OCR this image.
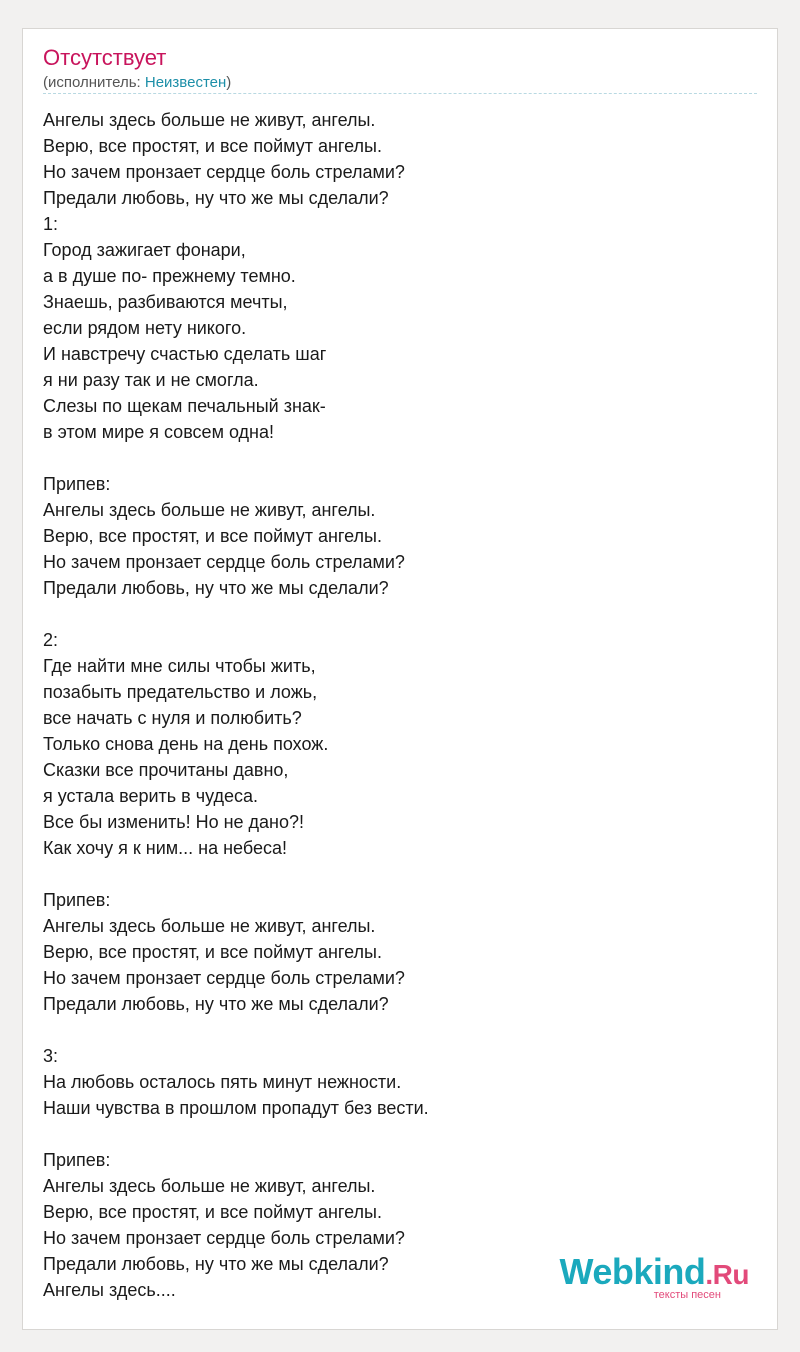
Отсутствует
(исполнитель: Неизвестен)
Ангелы здесь больше не живут, ангелы.
Верю, все простят, и все поймут ангелы.
Но зачем пронзает сердце боль стрелами?
Предали любовь, ну что же мы сделали?
1:
Город зажигает фонари,
а в душе по- прежнему темно.
Знаешь, разбиваются мечты,
если рядом нету никого.
И навстречу счастью сделать шаг
я ни разу так и не смогла.
Слезы по щекам печальный знак-
в этом мире я совсем одна!
Припев:
Ангелы здесь больше не живут, ангелы.
Верю, все простят, и все поймут ангелы.
Но зачем пронзает сердце боль стрелами?
Предали любовь, ну что же мы сделали?
2:
Где найти мне силы чтобы жить,
позабыть предательство и ложь,
все начать с нуля и полюбить?
Только снова день на день похож.
Сказки все прочитаны давно,
я устала верить в чудеса.
Все бы изменить! Но не дано?!
Как хочу я к ним... на небеса!
Припев:
Ангелы здесь больше не живут, ангелы.
Верю, все простят, и все поймут ангелы.
Но зачем пронзает сердце боль стрелами?
Предали любовь, ну что же мы сделали?
3:
На любовь осталось пять минут нежности.
Наши чувства в прошлом пропадут без вести.
Припев:
Ангелы здесь больше не живут, ангелы.
Верю, все простят, и все поймут ангелы.
Но зачем пронзает сердце боль стрелами?
Предали любовь, ну что же мы сделали?
Ангелы здесь....	Webkind.Ru
тексты песен
